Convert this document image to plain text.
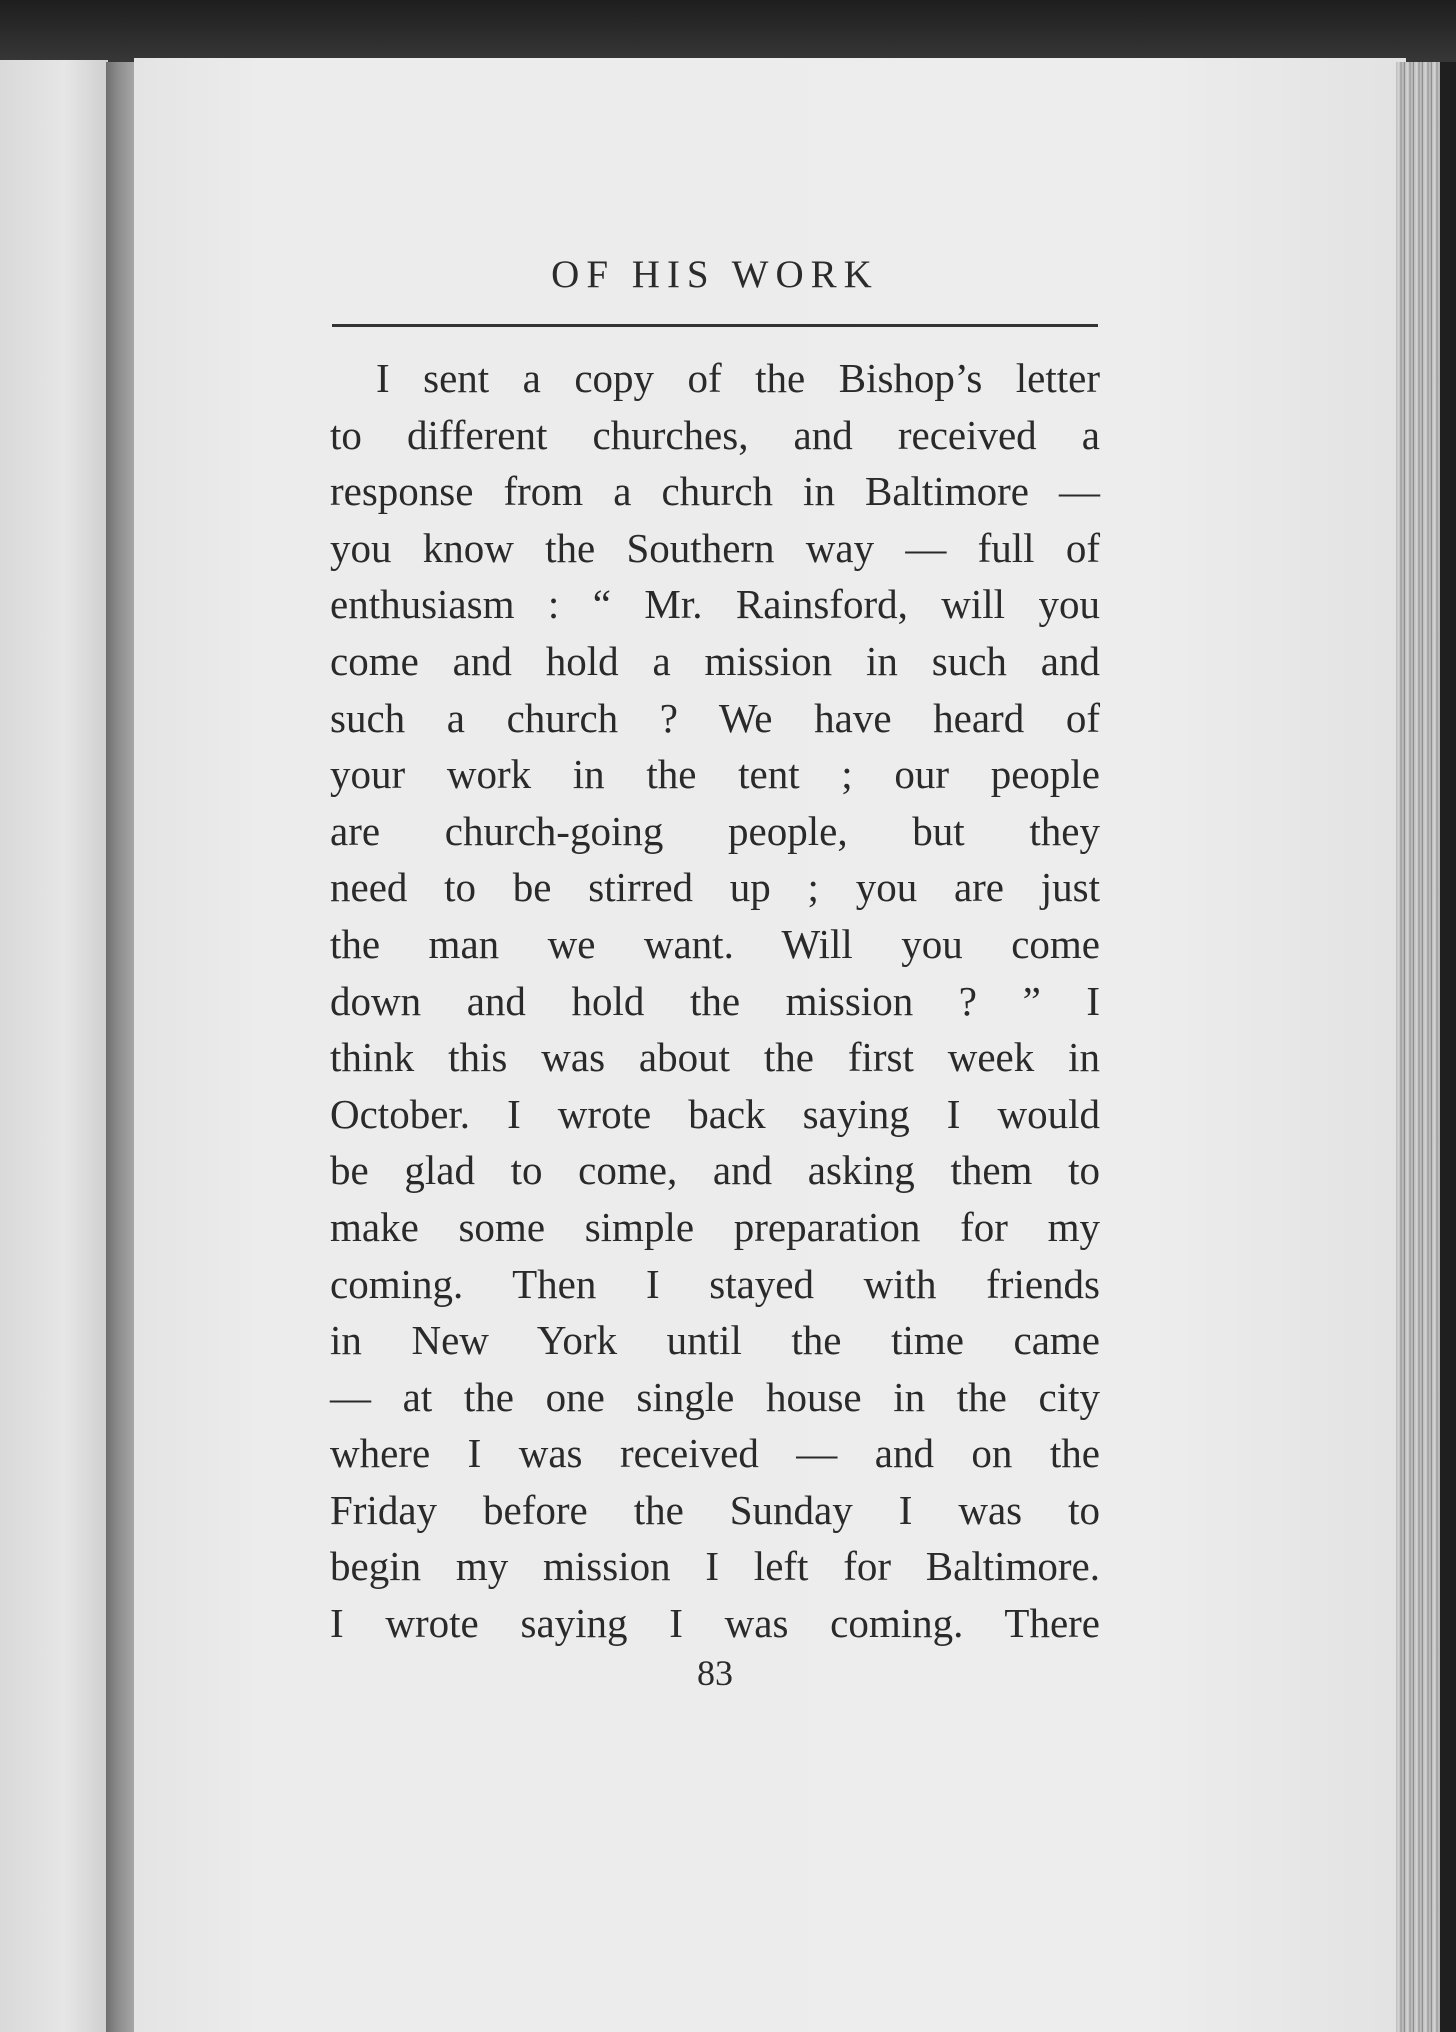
OF HIS WORK
I sent a copy of the Bishop’s letter
to different churches, and received a
response from a church in Baltimore —
you know the Southern way — full of
enthusiasm : “ Mr. Rainsford, will you
come and hold a mission in such and
such a church ? We have heard of
your work in the tent ; our people
are church-going people, but they
need to be stirred up ; you are just
the man we want. Will you come
down and hold the mission ? ” I
think this was about the first week in
October. I wrote back saying I would
be glad to come, and asking them to
make some simple preparation for my
coming. Then I stayed with friends
in New York until the time came
— at the one single house in the city
where I was received — and on the
Friday before the Sunday I was to
begin my mission I left for Baltimore.
I wrote saying I was coming. There
83
